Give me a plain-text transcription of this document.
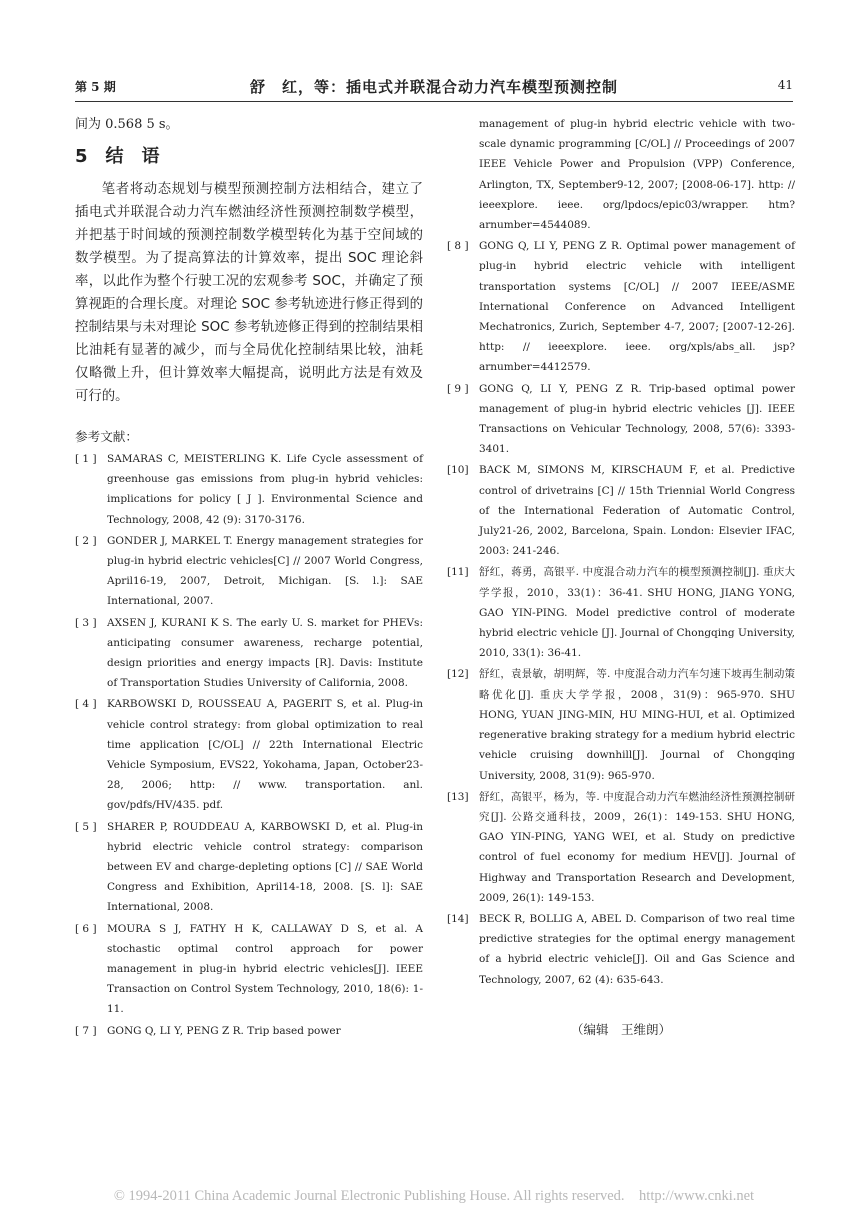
第 5 期	舒　红，等：插电式并联混合动力汽车模型预测控制	41

间为 0.568 5 s。

5　结　语

笔者将动态规划与模型预测控制方法相结合，建立了插电式并联混合动力汽车燃油经济性预测控制数学模型，并把基于时间域的预测控制数学模型转化为基于空间域的数学模型。为了提高算法的计算效率，提出 SOC 理论斜率，以此作为整个行驶工况的宏观参考 SOC，并确定了预算视距的合理长度。对理论 SOC 参考轨迹进行修正得到的控制结果与未对理论 SOC 参考轨迹修正得到的控制结果相比油耗有显著的减少，而与全局优化控制结果比较，油耗仅略微上升，但计算效率大幅提高，说明此方法是有效及可行的。

参考文献：
[ 1 ] SAMARAS C, MEISTERLING K. Life Cycle assessment of greenhouse gas emissions from plug-in hybrid vehicles: implications for policy [ J ]. Environmental Science and Technology, 2008, 42 (9): 3170-3176.
[ 2 ] GONDER J, MARKEL T. Energy management strategies for plug-in hybrid electric vehicles[C] // 2007 World Congress, April16-19, 2007, Detroit, Michigan. [S. l.]: SAE International, 2007.
[ 3 ] AXSEN J, KURANI K S. The early U. S. market for PHEVs: anticipating consumer awareness, recharge potential, design priorities and energy impacts [R]. Davis: Institute of Transportation Studies University of California, 2008.
[ 4 ] KARBOWSKI D, ROUSSEAU A, PAGERIT S, et al. Plug-in vehicle control strategy: from global optimization to real time application [C/OL] // 22th International Electric Vehicle Symposium, EVS22, Yokohama, Japan, October23-28, 2006; http: // www. transportation. anl. gov/pdfs/HV/435. pdf.
[ 5 ] SHARER P, ROUDDEAU A, KARBOWSKI D, et al. Plug-in hybrid electric vehicle control strategy: comparison between EV and charge-depleting options [C] // SAE World Congress and Exhibition, April14-18, 2008. [S. l]: SAE International, 2008.
[ 6 ] MOURA S J, FATHY H K, CALLAWAY D S, et al. A stochastic optimal control approach for power management in plug-in hybrid electric vehicles[J]. IEEE Transaction on Control System Technology, 2010, 18(6): 1-11.
[ 7 ] GONG Q, LI Y, PENG Z R. Trip based power
management of plug-in hybrid electric vehicle with two-scale dynamic programming [C/OL] // Proceedings of 2007 IEEE Vehicle Power and Propulsion (VPP) Conference, Arlington, TX, September9-12, 2007; [2008-06-17]. http: // ieeexplore. ieee. org/lpdocs/epic03/wrapper. htm? arnumber=4544089.
[ 8 ] GONG Q, LI Y, PENG Z R. Optimal power management of plug-in hybrid electric vehicle with intelligent transportation systems [C/OL] // 2007 IEEE/ASME International Conference on Advanced Intelligent Mechatronics, Zurich, September 4-7, 2007; [2007-12-26]. http: // ieeexplore. ieee. org/xpls/abs_all. jsp? arnumber=4412579.
[ 9 ] GONG Q, LI Y, PENG Z R. Trip-based optimal power management of plug-in hybrid electric vehicles [J]. IEEE Transactions on Vehicular Technology, 2008, 57(6): 3393-3401.
[10] BACK M, SIMONS M, KIRSCHAUM F, et al. Predictive control of drivetrains [C] // 15th Triennial World Congress of the International Federation of Automatic Control, July21-26, 2002, Barcelona, Spain. London: Elsevier IFAC, 2003: 241-246.
[11] 舒红，蒋勇，高银平. 中度混合动力汽车的模型预测控制[J]. 重庆大学学报，2010，33(1)：36-41. SHU HONG, JIANG YONG, GAO YIN-PING. Model predictive control of moderate hybrid electric vehicle [J]. Journal of Chongqing University, 2010, 33(1): 36-41.
[12] 舒红，袁景敏，胡明辉，等. 中度混合动力汽车匀速下坡再生制动策略优化[J]. 重庆大学学报，2008，31(9)：965-970. SHU HONG, YUAN JING-MIN, HU MING-HUI, et al. Optimized regenerative braking strategy for a medium hybrid electric vehicle cruising downhill[J]. Journal of Chongqing University, 2008, 31(9): 965-970.
[13] 舒红，高银平，杨为，等. 中度混合动力汽车燃油经济性预测控制研究[J]. 公路交通科技，2009，26(1)：149-153. SHU HONG, GAO YIN-PING, YANG WEI, et al. Study on predictive control of fuel economy for medium HEV[J]. Journal of Highway and Transportation Research and Development, 2009, 26(1): 149-153.
[14] BECK R, BOLLIG A, ABEL D. Comparison of two real time predictive strategies for the optimal energy management of a hybrid electric vehicle[J]. Oil and Gas Science and Technology, 2007, 62 (4): 635-643.
（编辑　王维朗）
© 1994-2011 China Academic Journal Electronic Publishing House. All rights reserved.　http://www.cnki.net
